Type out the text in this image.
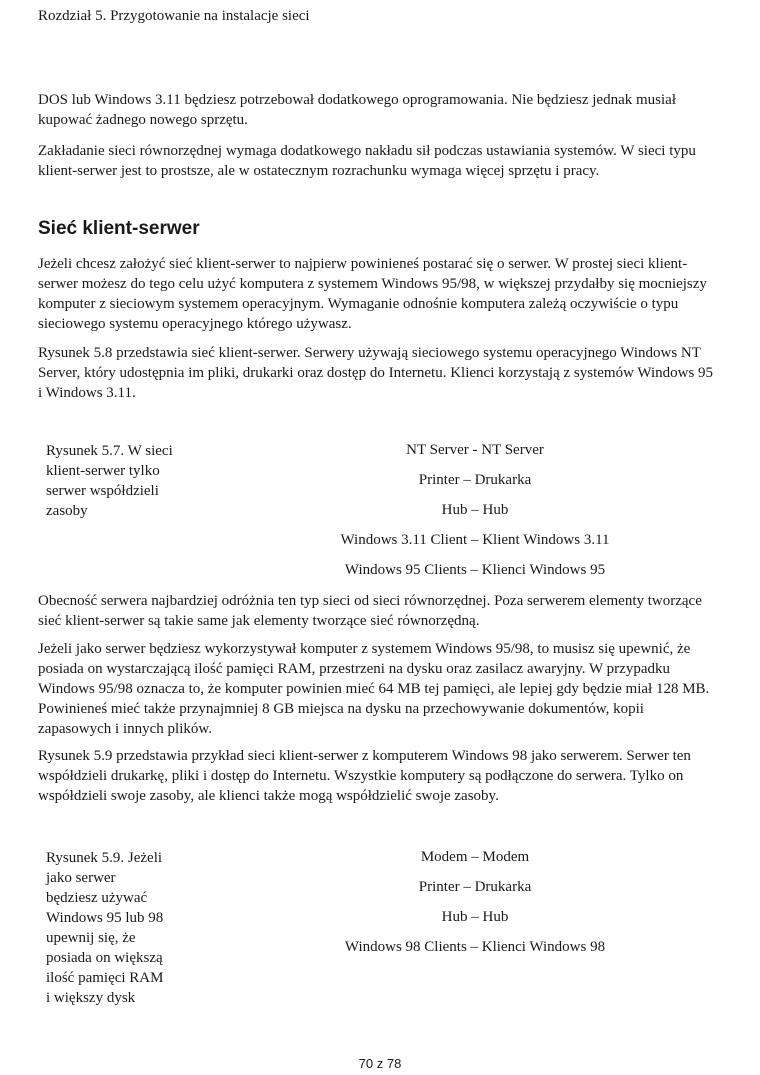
Rozdział 5. Przygotowanie na instalacje sieci

DOS lub Windows 3.11 będziesz potrzebował dodatkowego oprogramowania. Nie będziesz jednak musiał kupować żadnego nowego sprzętu.

Zakładanie sieci równorzędnej wymaga dodatkowego nakładu sił podczas ustawiania systemów. W sieci typu klient-serwer jest to prostsze, ale w ostatecznym rozrachunku wymaga więcej sprzętu i pracy.

Sieć klient-serwer

Jeżeli chcesz założyć sieć klient-serwer to najpierw powinieneś postarać się o serwer. W prostej sieci klient-serwer możesz do tego celu użyć komputera z systemem Windows 95/98, w większej przydałby się mocniejszy komputer z sieciowym systemem operacyjnym. Wymaganie odnośnie komputera zależą oczywiście o typu sieciowego systemu operacyjnego którego używasz.

Rysunek 5.8 przedstawia sieć klient-serwer. Serwery używają sieciowego systemu operacyjnego Windows NT Server, który udostępnia im pliki, drukarki oraz dostęp do Internetu. Klienci korzystają z systemów Windows 95 i Windows 3.11.

Rysunek 5.7. W sieci klient-serwer tylko serwer współdzieli zasoby

NT Server - NT Server
Printer – Drukarka
Hub – Hub
Windows 3.11 Client – Klient Windows 3.11
Windows 95 Clients – Klienci Windows 95

Obecność serwera najbardziej odróżnia ten typ sieci od sieci równorzędnej. Poza serwerem elementy tworzące sieć klient-serwer są takie same jak elementy tworzące sieć równorzędną.

Jeżeli jako serwer będziesz wykorzystywał komputer z systemem Windows 95/98, to musisz się upewnić, że posiada on wystarczającą ilość pamięci RAM, przestrzeni na dysku oraz zasilacz awaryjny. W przypadku Windows 95/98 oznacza to, że komputer powinien mieć 64 MB tej pamięci, ale lepiej gdy będzie miał 128 MB. Powinieneś mieć także przynajmniej 8 GB miejsca na dysku na przechowywanie dokumentów, kopii zapasowych i innych plików.

Rysunek 5.9 przedstawia przykład sieci klient-serwer z komputerem Windows 98 jako serwerem. Serwer ten współdzieli drukarkę, pliki i dostęp do Internetu. Wszystkie komputery są podłączone do serwera. Tylko on współdzieli swoje zasoby, ale klienci także mogą współdzielić swoje zasoby.

Rysunek 5.9. Jeżeli jako serwer będziesz używać Windows 95 lub 98 upewnij się, że posiada on większą ilość pamięci RAM i większy dysk

Modem – Modem
Printer – Drukarka
Hub – Hub
Windows 98 Clients – Klienci Windows 98
70 z 78
